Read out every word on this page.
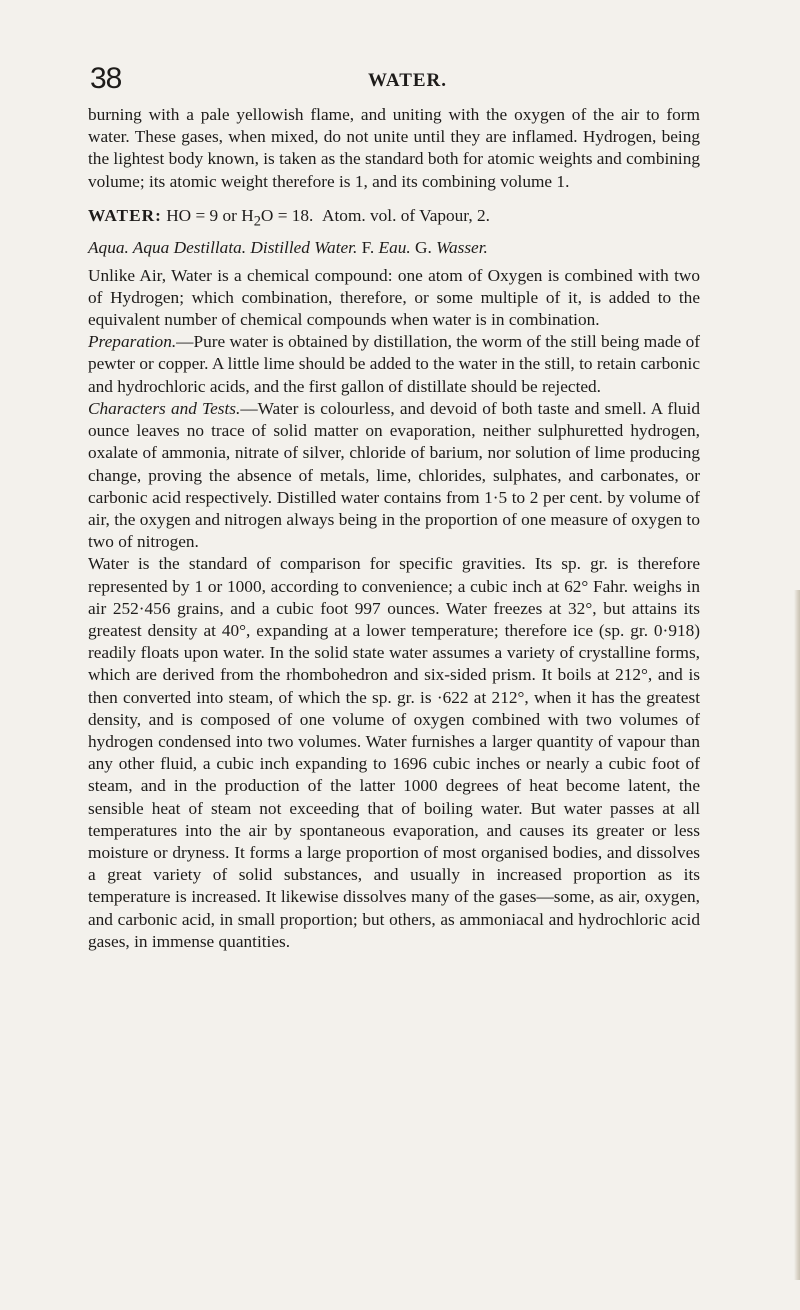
38	WATER.

burning with a pale yellowish flame, and uniting with the oxygen of the air to form water. These gases, when mixed, do not unite until they are inflamed. Hydrogen, being the lightest body known, is taken as the standard both for atomic weights and combining volume; its atomic weight therefore is 1, and its combining volume 1.

WATER: HO = 9 or $H_2O = 18$. Atom. vol. of Vapour, 2.

Aqua. Aqua Destillata. Distilled Water. F. Eau. G. Wasser.

Unlike Air, Water is a chemical compound: one atom of Oxygen is combined with two of Hydrogen; which combination, therefore, or some multiple of it, is added to the equivalent number of chemical compounds when water is in combination.

Preparation.—Pure water is obtained by distillation, the worm of the still being made of pewter or copper. A little lime should be added to the water in the still, to retain carbonic and hydrochloric acids, and the first gallon of distillate should be rejected.

Characters and Tests.—Water is colourless, and devoid of both taste and smell. A fluid ounce leaves no trace of solid matter on evaporation, neither sulphuretted hydrogen, oxalate of ammonia, nitrate of silver, chloride of barium, nor solution of lime producing change, proving the absence of metals, lime, chlorides, sulphates, and carbonates, or carbonic acid respectively. Distilled water contains from 1·5 to 2 per cent. by volume of air, the oxygen and nitrogen always being in the proportion of one measure of oxygen to two of nitrogen.

Water is the standard of comparison for specific gravities. Its sp. gr. is therefore represented by 1 or 1000, according to convenience; a cubic inch at 62° Fahr. weighs in air 252·456 grains, and a cubic foot 997 ounces. Water freezes at 32°, but attains its greatest density at 40°, expanding at a lower temperature; therefore ice (sp. gr. 0·918) readily floats upon water. In the solid state water assumes a variety of crystalline forms, which are derived from the rhombohedron and six-sided prism. It boils at 212°, and is then converted into steam, of which the sp. gr. is ·622 at 212°, when it has the greatest density, and is composed of one volume of oxygen combined with two volumes of hydrogen condensed into two volumes. Water furnishes a larger quantity of vapour than any other fluid, a cubic inch expanding to 1696 cubic inches or nearly a cubic foot of steam, and in the production of the latter 1000 degrees of heat become latent, the sensible heat of steam not exceeding that of boiling water. But water passes at all temperatures into the air by spontaneous evaporation, and causes its greater or less moisture or dryness. It forms a large proportion of most organised bodies, and dissolves a great variety of solid substances, and usually in increased proportion as its temperature is increased. It likewise dissolves many of the gases—some, as air, oxygen, and carbonic acid, in small proportion; but others, as ammoniacal and hydrochloric acid gases, in immense quantities.
